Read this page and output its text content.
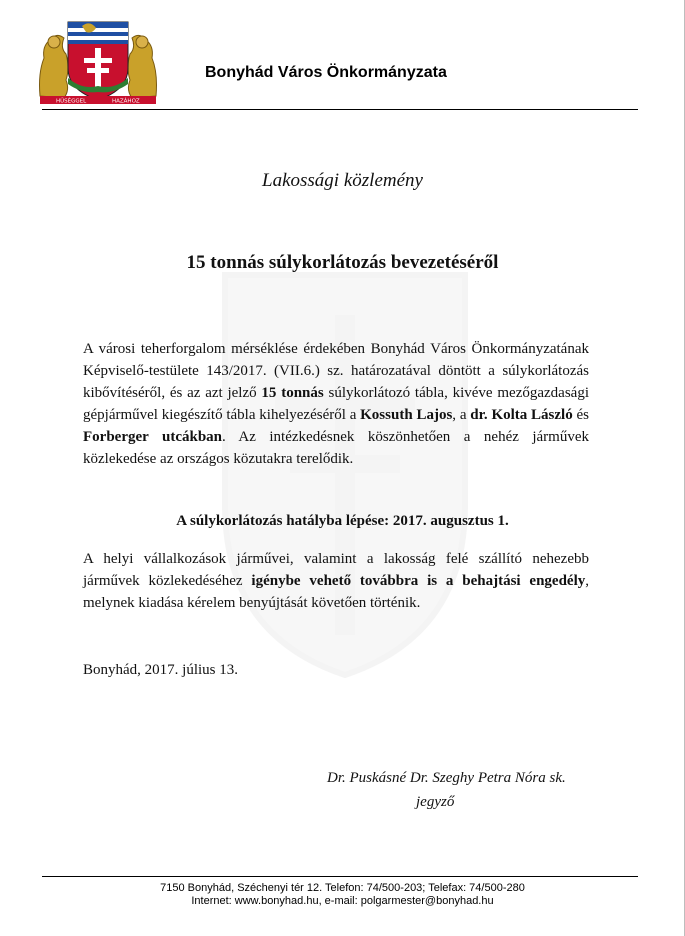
HŰSÉGGEL	HAZÁHOZ
Bonyhád Város Önkormányzata
Lakossági közlemény
15 tonnás súlykorlátozás bevezetéséről

A városi teherforgalom mérséklése érdekében Bonyhád Város Önkormányzatának Képviselő-testülete 143/2017. (VII.6.) sz. határozatával döntött a súlykorlátozás kibővítéséről, és az azt jelző 15 tonnás súlykorlátozó tábla, kivéve mezőgazdasági gépjárművel kiegészítő tábla kihelyezéséről a Kossuth Lajos, a dr. Kolta László és Forberger utcákban. Az intézkedésnek köszönhetően a nehéz járművek közlekedése az országos közutakra terelődik.

A súlykorlátozás hatályba lépése: 2017. augusztus 1.

A helyi vállalkozások járművei, valamint a lakosság felé szállító nehezebb járművek közlekedéséhez igénybe vehető továbbra is a behajtási engedély, melynek kiadása kérelem benyújtását követően történik.

Bonyhád, 2017. július 13.
Dr. Puskásné Dr. Szeghy Petra Nóra sk.
jegyző
7150 Bonyhád, Széchenyi tér 12. Telefon: 74/500-203; Telefax: 74/500-280
Internet: www.bonyhad.hu, e-mail: polgarmester@bonyhad.hu
